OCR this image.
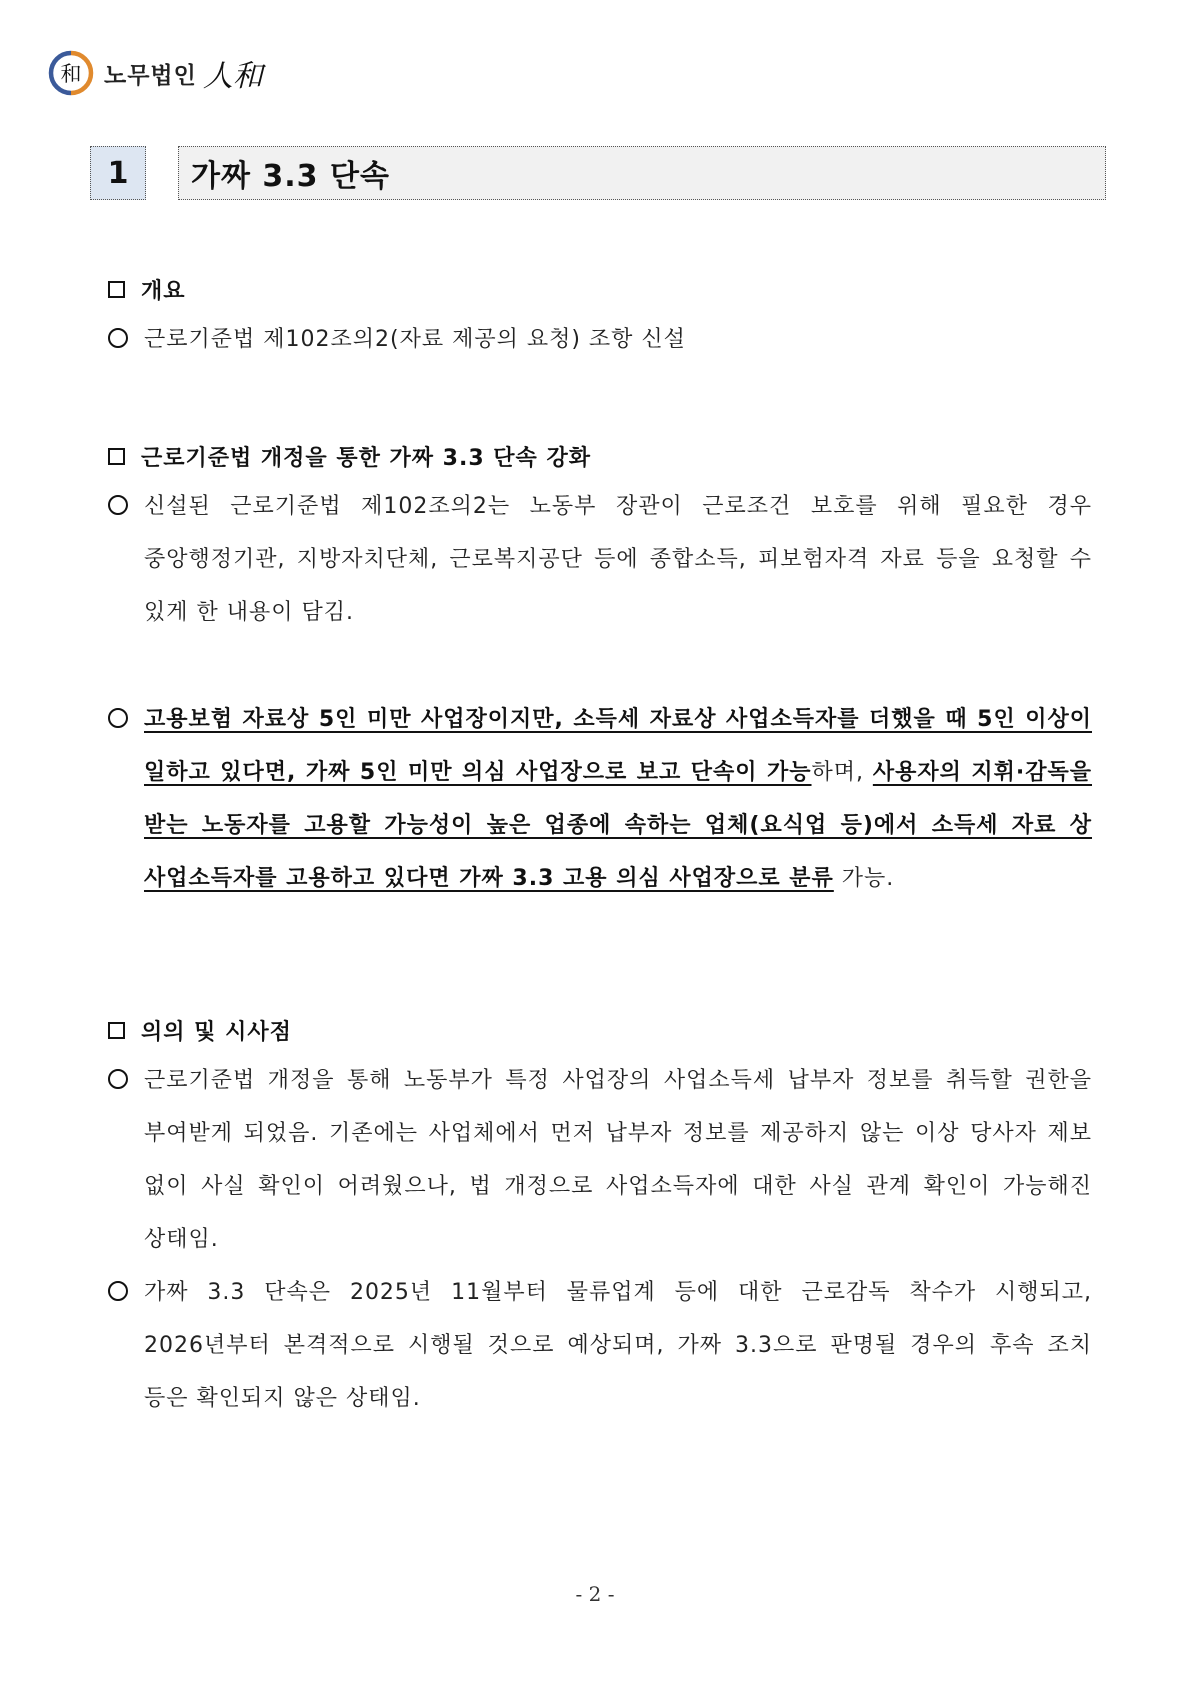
和 노무법인 人和
1	가짜 3.3 단속
개요
근로기준법 제102조의2(자료 제공의 요청) 조항 신설
근로기준법 개정을 통한 가짜 3.3 단속 강화
신설된 근로기준법 제102조의2는 노동부 장관이 근로조건 보호를 위해 필요한 경우 중앙행정기관, 지방자치단체, 근로복지공단 등에 종합소득, 피보험자격 자료 등을 요청할 수 있게 한 내용이 담김.
고용보험 자료상 5인 미만 사업장이지만, 소득세 자료상 사업소득자를 더했을 때 5인 이상이 일하고 있다면, 가짜 5인 미만 의심 사업장으로 보고 단속이 가능하며, 사용자의 지휘·감독을 받는 노동자를 고용할 가능성이 높은 업종에 속하는 업체(요식업 등)에서 소득세 자료 상 사업소득자를 고용하고 있다면 가짜 3.3 고용 의심 사업장으로 분류 가능.
의의 및 시사점
근로기준법 개정을 통해 노동부가 특정 사업장의 사업소득세 납부자 정보를 취득할 권한을 부여받게 되었음. 기존에는 사업체에서 먼저 납부자 정보를 제공하지 않는 이상 당사자 제보 없이 사실 확인이 어려웠으나, 법 개정으로 사업소득자에 대한 사실 관계 확인이 가능해진 상태임.
가짜 3.3 단속은 2025년 11월부터 물류업계 등에 대한 근로감독 착수가 시행되고, 2026년부터 본격적으로 시행될 것으로 예상되며, 가짜 3.3으로 판명될 경우의 후속 조치 등은 확인되지 않은 상태임.
- 2 -
